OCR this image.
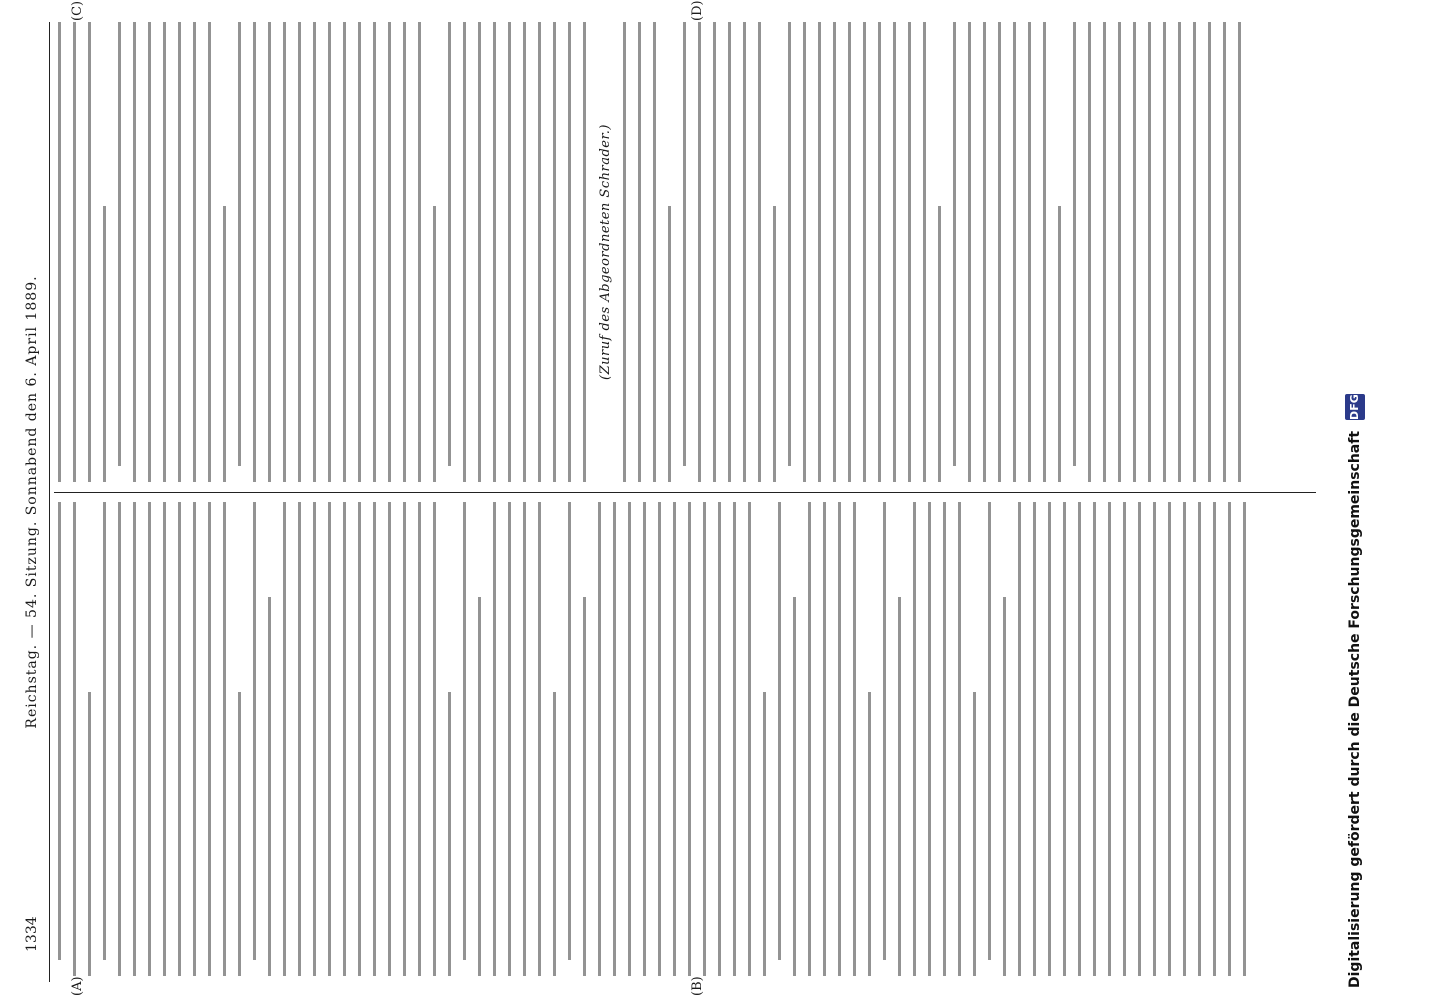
1334
Reichstag. — 54. Sitzung. Sonnabend den 6. April 1889.
(A)	(B)
(C)	(D)
(Zuruf des Abgeordneten Schrader.)
Digitalisierung gefördert durch die Deutsche Forschungsgemeinschaft DFG
